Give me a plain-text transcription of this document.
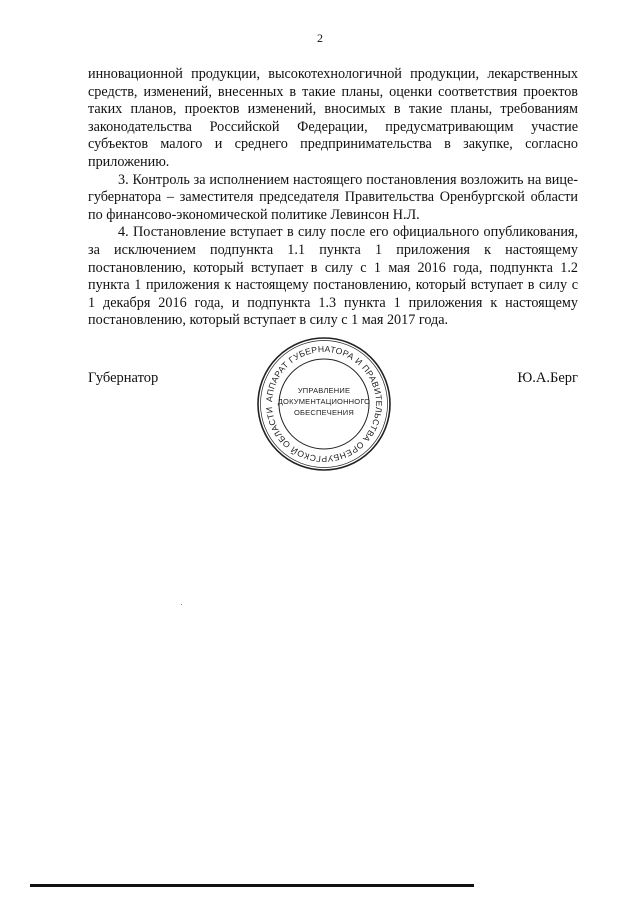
2

инновационной продукции, высокотехнологичной продукции, лекарственных средств, изменений, внесенных в такие планы, оценки соответствия проектов таких планов, проектов изменений, вносимых в такие планы, требованиям законодательства Российской Федерации, предусматривающим участие субъектов малого и среднего предпринимательства в закупке, согласно приложению.

3. Контроль за исполнением настоящего постановления возложить на вице-губернатора – заместителя председателя Правительства Оренбургской области по финансово-экономической политике Левинсон Н.Л.

4. Постановление вступает в силу после его официального опубликования, за исключением подпункта 1.1 пункта 1 приложения к настоящему постановлению, который вступает в силу с 1 мая 2016 года, подпункта 1.2 пункта 1 приложения к настоящему постановлению, который вступает в силу с 1 декабря 2016 года, и подпункта 1.3 пункта 1 приложения к настоящему постановлению, который вступает в силу с 1 мая 2017 года.

Губернатор	Ю.А.Берг
АППАРАТ ГУБЕРНАТОРА И ПРАВИТЕЛЬСТВА ОРЕНБУРГСКОЙ ОБЛАСТИ
УПРАВЛЕНИЕ
ДОКУМЕНТАЦИОННОГО
ОБЕСПЕЧЕНИЯ
